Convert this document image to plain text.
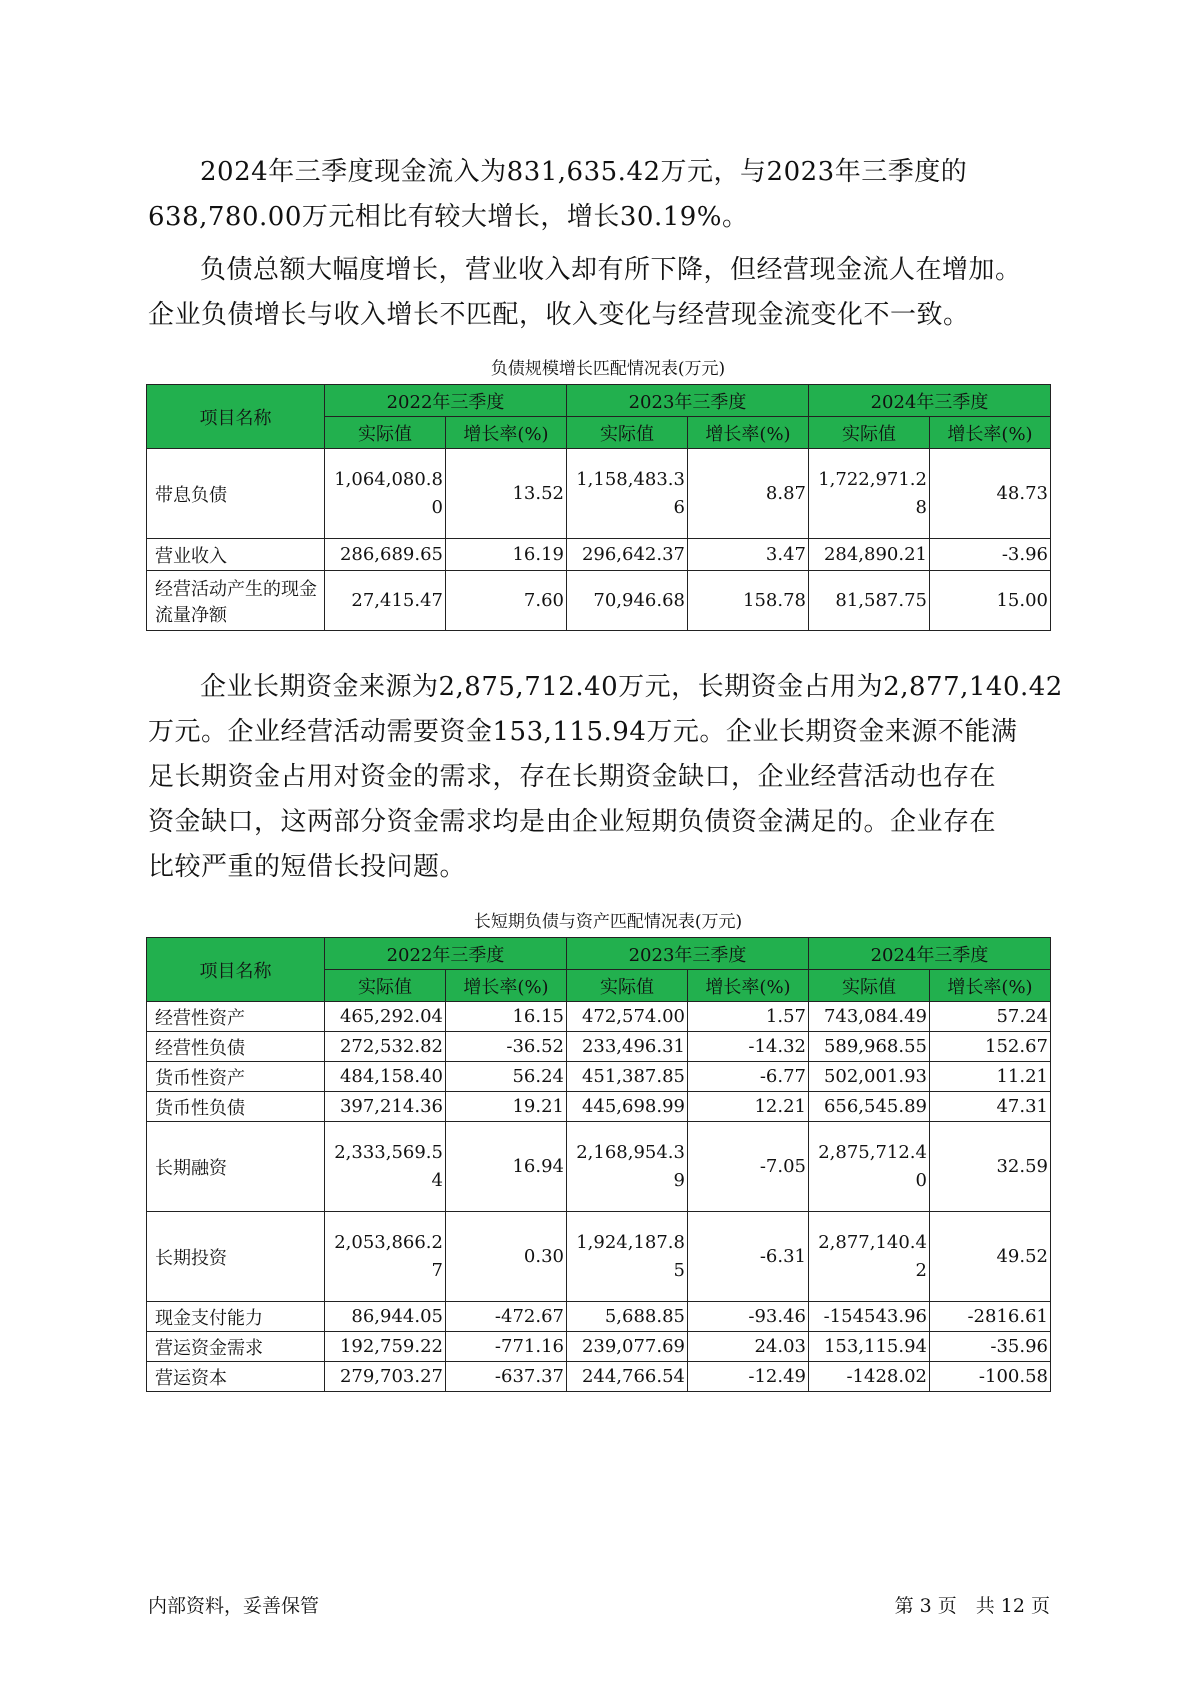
2024年三季度现金流入为831,635.42万元，与2023年三季度的
638,780.00万元相比有较大增长，增长30.19%。

负债总额大幅度增长，营业收入却有所下降，但经营现金流人在增加。
企业负债增长与收入增长不匹配，收入变化与经营现金流变化不一致。

负债规模增长匹配情况表(万元)
项目名称	2022年三季度		2023年三季度		2024年三季度	
	实际值	增长率(%)	实际值	增长率(%)	实际值	增长率(%)
带息负债	1,064,080.80	13.52	1,158,483.36	8.87	1,722,971.28	48.73
营业收入	286,689.65	16.19	296,642.37	3.47	284,890.21	-3.96
经营活动产生的现金流量净额	27,415.47	7.60	70,946.68	158.78	81,587.75	15.00

企业长期资金来源为2,875,712.40万元，长期资金占用为2,877,140.42
万元。企业经营活动需要资金153,115.94万元。企业长期资金来源不能满
足长期资金占用对资金的需求，存在长期资金缺口，企业经营活动也存在
资金缺口，这两部分资金需求均是由企业短期负债资金满足的。企业存在
比较严重的短借长投问题。

长短期负债与资产匹配情况表(万元)
项目名称	2022年三季度		2023年三季度		2024年三季度	
	实际值	增长率(%)	实际值	增长率(%)	实际值	增长率(%)
经营性资产	465,292.04	16.15	472,574.00	1.57	743,084.49	57.24
经营性负债	272,532.82	-36.52	233,496.31	-14.32	589,968.55	152.67
货币性资产	484,158.40	56.24	451,387.85	-6.77	502,001.93	11.21
货币性负债	397,214.36	19.21	445,698.99	12.21	656,545.89	47.31
长期融资	2,333,569.54	16.94	2,168,954.39	-7.05	2,875,712.40	32.59
长期投资	2,053,866.27	0.30	1,924,187.85	-6.31	2,877,140.42	49.52
现金支付能力	86,944.05	-472.67	5,688.85	-93.46	-154543.96	-2816.61
营运资金需求	192,759.22	-771.16	239,077.69	24.03	153,115.94	-35.96
营运资本	279,703.27	-637.37	244,766.54	-12.49	-1428.02	-100.58
内部资料，妥善保管	第 3 页　共 12 页
